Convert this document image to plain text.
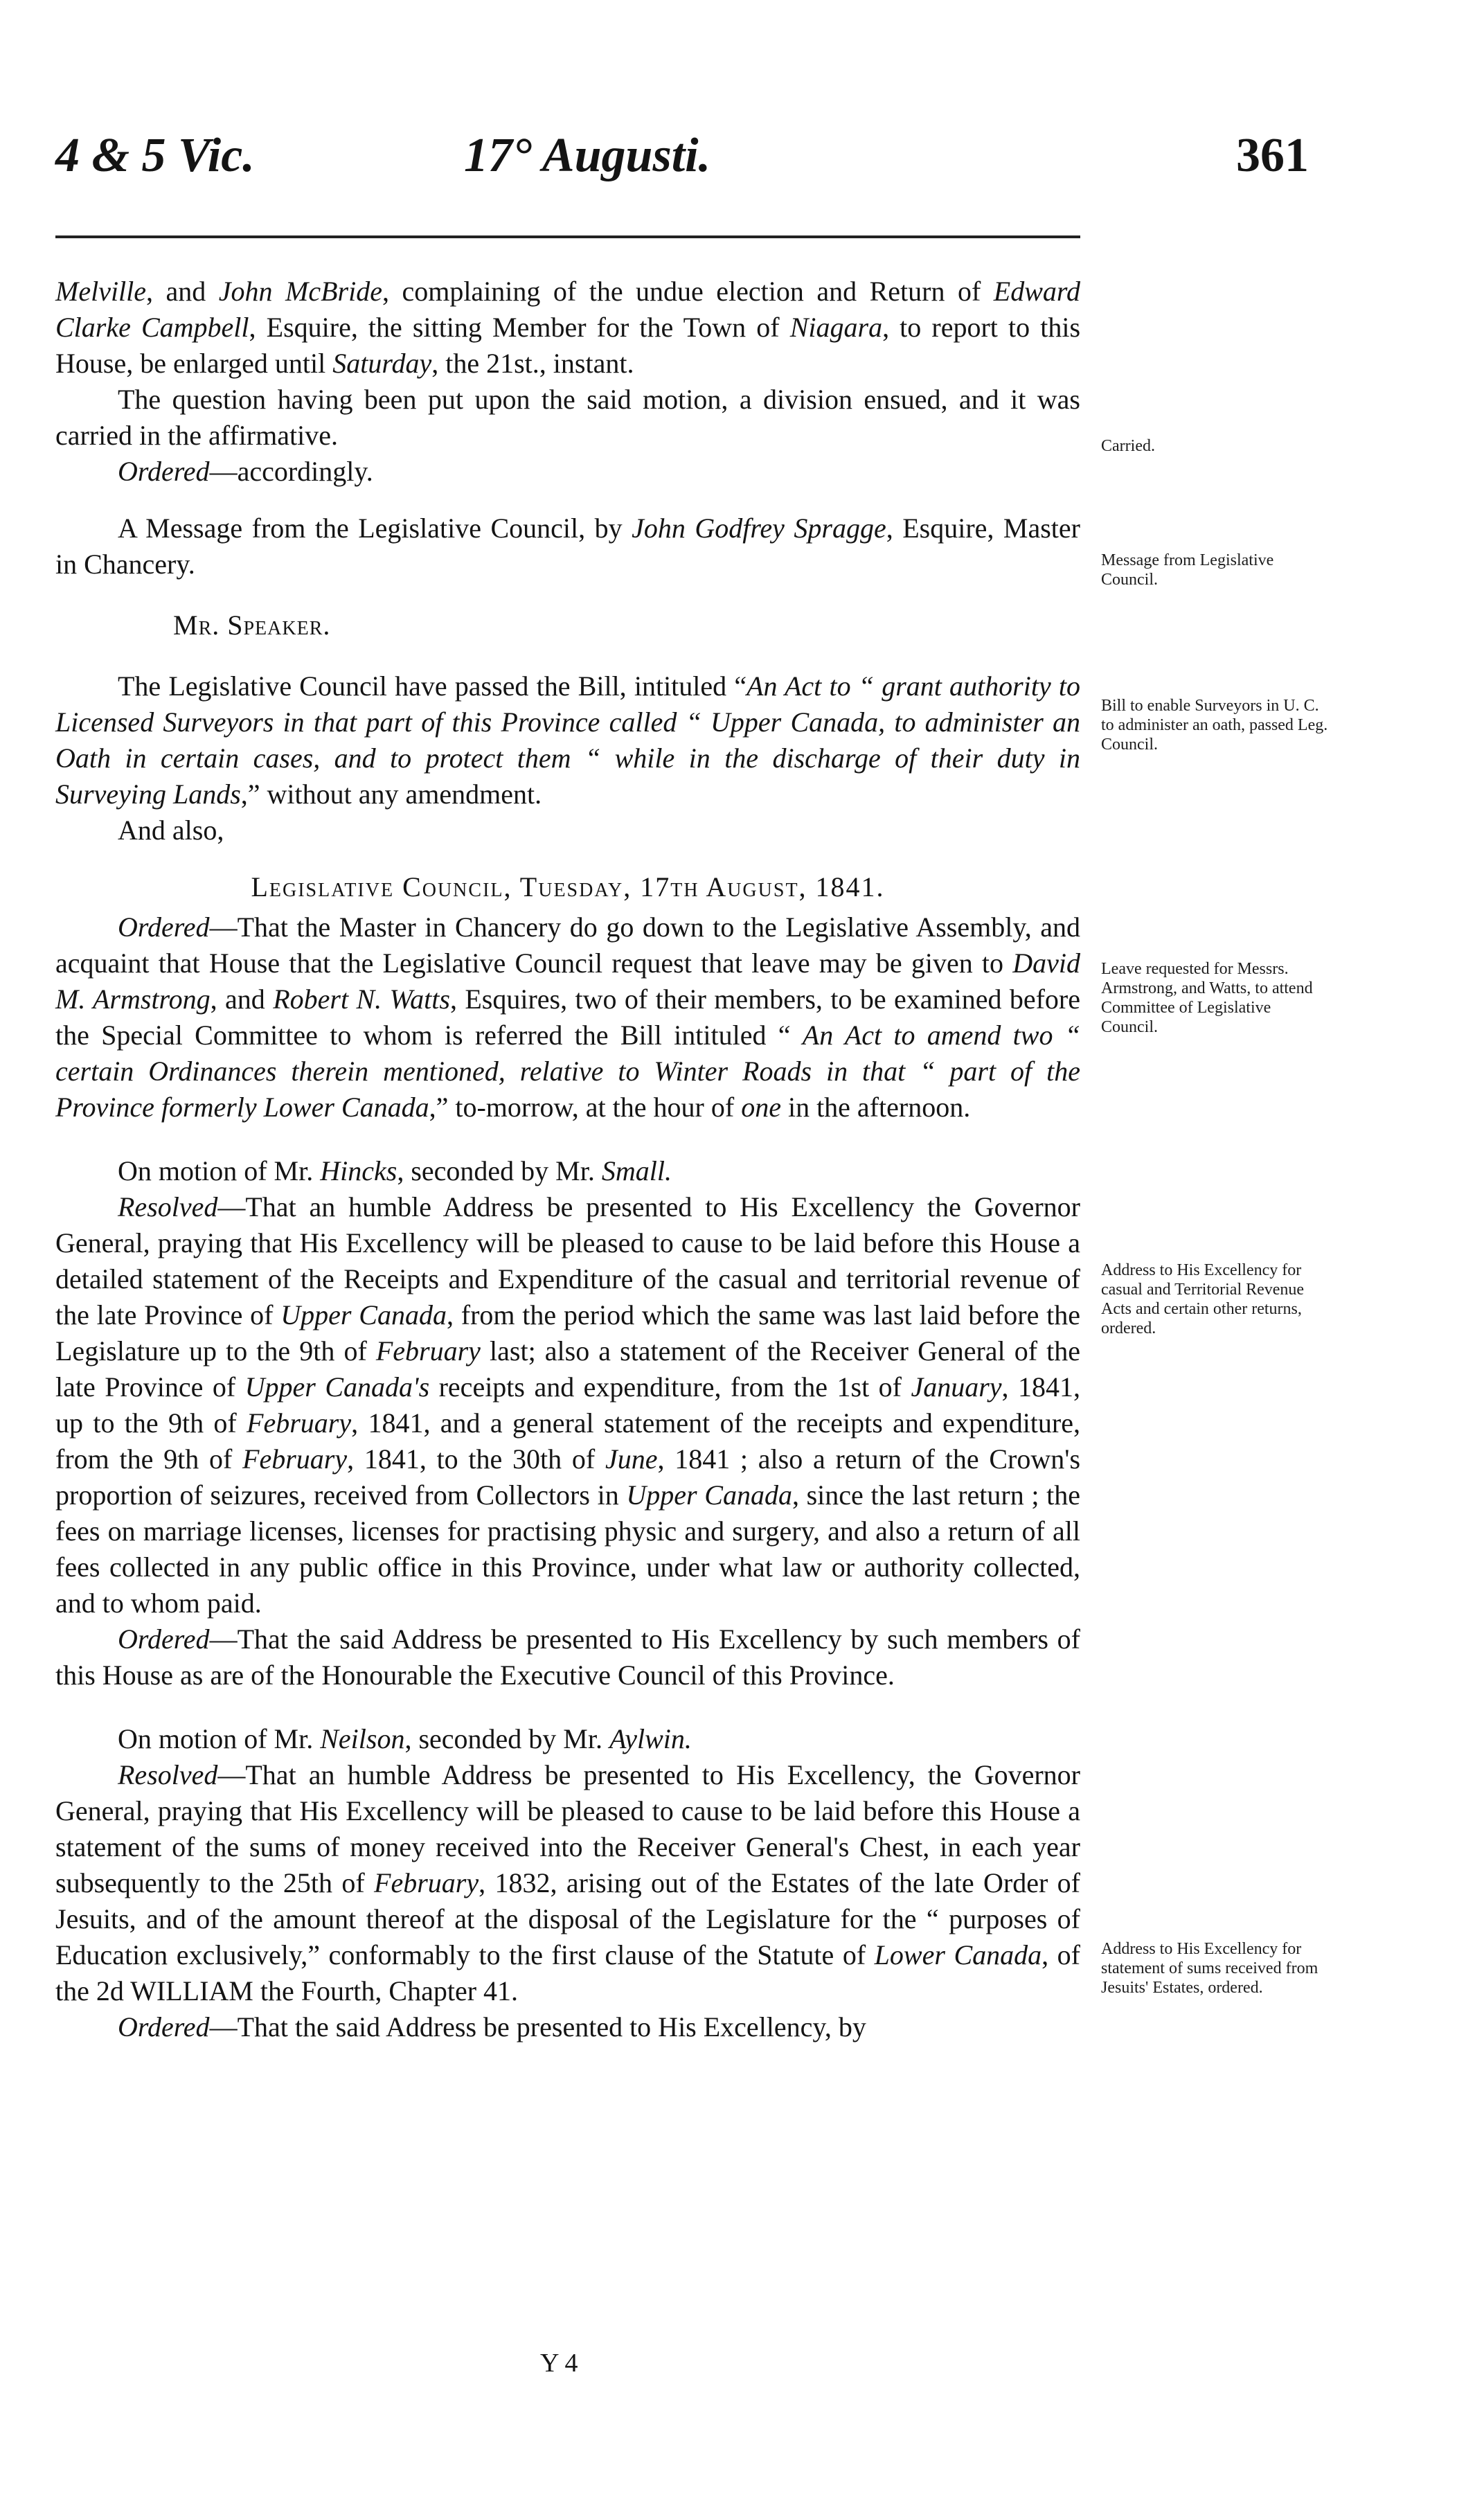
4 & 5 Vic.	17° Augusti.	361

Melville, and John McBride, complaining of the undue election and Return of Edward Clarke Campbell, Esquire, the sitting Member for the Town of Niagara, to report to this House, be enlarged until Saturday, the 21st., instant.

The question having been put upon the said motion, a division ensued, and it was carried in the affirmative.

Ordered—accordingly.

A Message from the Legislative Council, by John Godfrey Spragge, Esquire, Master in Chancery.

Mr. Speaker.

The Legislative Council have passed the Bill, intituled “An Act to “ grant authority to Licensed Surveyors in that part of this Province called “ Upper Canada, to administer an Oath in certain cases, and to protect them “ while in the discharge of their duty in Surveying Lands,” without any amendment.

And also,

Legislative Council, Tuesday, 17th August, 1841.

Ordered—That the Master in Chancery do go down to the Legislative Assembly, and acquaint that House that the Legislative Council request that leave may be given to David M. Armstrong, and Robert N. Watts, Esquires, two of their members, to be examined before the Special Committee to whom is referred the Bill intituled “ An Act to amend two “ certain Ordinances therein mentioned, relative to Winter Roads in that “ part of the Province formerly Lower Canada,” to-morrow, at the hour of one in the afternoon.

On motion of Mr. Hincks, seconded by Mr. Small.

Resolved—That an humble Address be presented to His Excellency the Governor General, praying that His Excellency will be pleased to cause to be laid before this House a detailed statement of the Receipts and Expenditure of the casual and territorial revenue of the late Province of Upper Canada, from the period which the same was last laid before the Legislature up to the 9th of February last; also a statement of the Receiver General of the late Province of Upper Canada's receipts and expenditure, from the 1st of January, 1841, up to the 9th of February, 1841, and a general statement of the receipts and expenditure, from the 9th of February, 1841, to the 30th of June, 1841 ; also a return of the Crown's proportion of seizures, received from Collectors in Upper Canada, since the last return ; the fees on marriage licenses, licenses for practising physic and surgery, and also a return of all fees collected in any public office in this Province, under what law or authority collected, and to whom paid.

Ordered—That the said Address be presented to His Excellency by such members of this House as are of the Honourable the Executive Council of this Province.

On motion of Mr. Neilson, seconded by Mr. Aylwin.

Resolved—That an humble Address be presented to His Excellency, the Governor General, praying that His Excellency will be pleased to cause to be laid before this House a statement of the sums of money received into the Receiver General's Chest, in each year subsequently to the 25th of February, 1832, arising out of the Estates of the late Order of Jesuits, and of the amount thereof at the disposal of the Legislature for the “ purposes of Education exclusively,” conformably to the first clause of the Statute of Lower Canada, of the 2d WILLIAM the Fourth, Chapter 41.

Ordered—That the said Address be presented to His Excellency, by

Carried.
Message from Legislative Council.
Bill to enable Surveyors in U. C. to administer an oath, passed Leg. Council.
Leave requested for Messrs. Armstrong, and Watts, to attend Committee of Legislative Council.
Address to His Excellency for casual and Territorial Revenue Acts and certain other returns, ordered.
Address to His Excellency for statement of sums received from Jesuits' Estates, ordered.
Y 4
